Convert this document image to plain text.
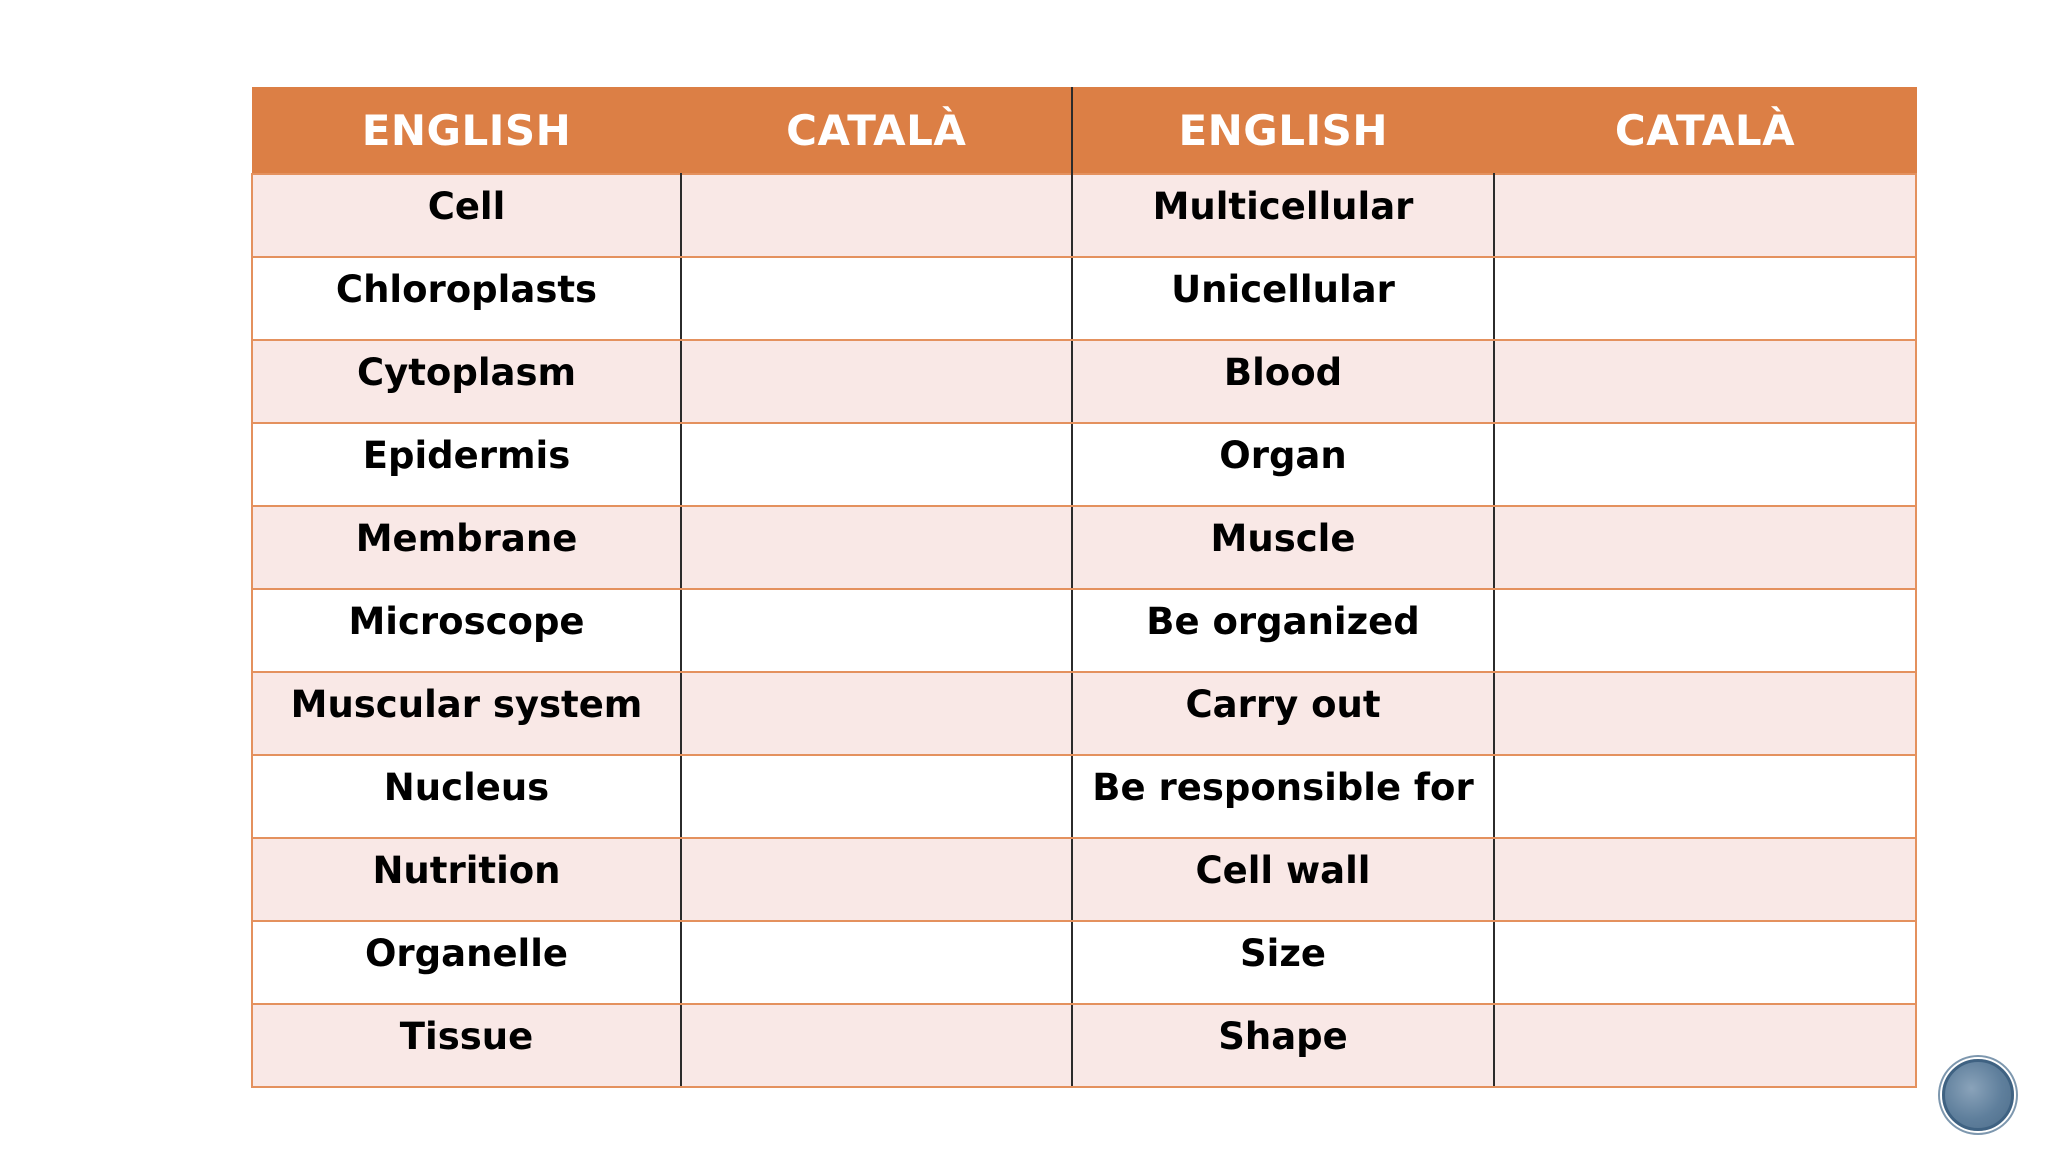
ENGLISH	CATALÀ	ENGLISH	CATALÀ
Cell		Multicellular	
Chloroplasts		Unicellular	
Cytoplasm		Blood	
Epidermis		Organ	
Membrane		Muscle	
Microscope		Be organized	
Muscular system		Carry out	
Nucleus		Be responsible for	
Nutrition		Cell wall	
Organelle		Size	
Tissue		Shape	
